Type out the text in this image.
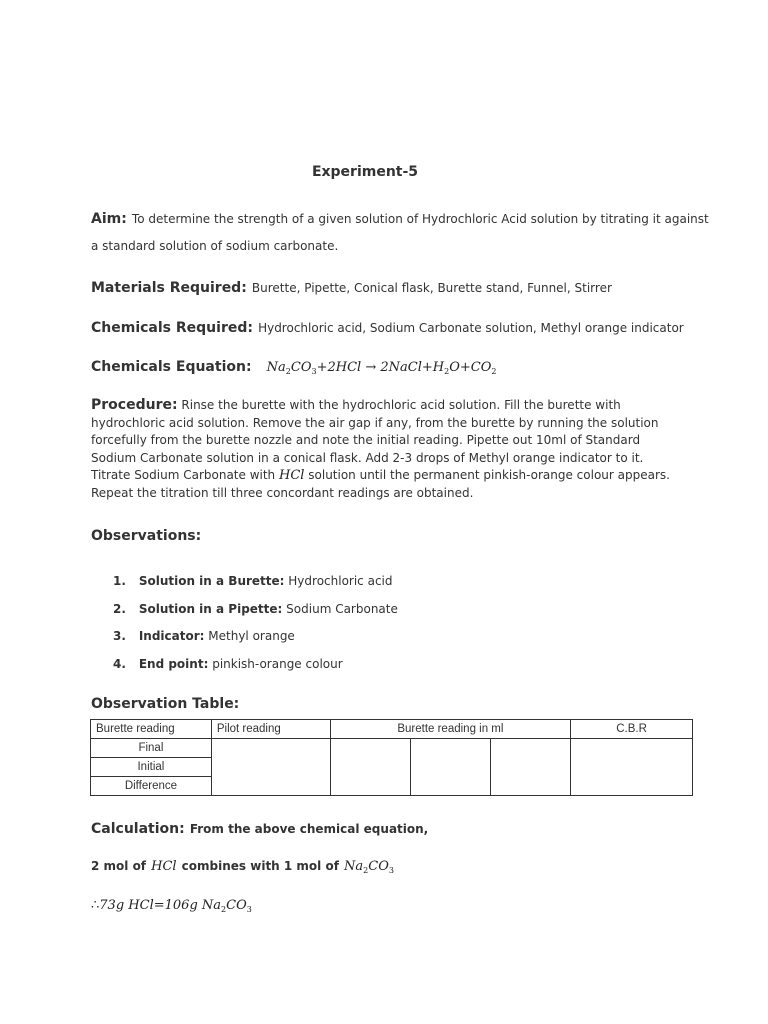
Experiment-5
Aim: To determine the strength of a given solution of Hydrochloric Acid solution by titrating it against
a standard solution of sodium carbonate.
Materials Required: Burette, Pipette, Conical flask, Burette stand, Funnel, Stirrer
Chemicals Required: Hydrochloric acid, Sodium Carbonate solution, Methyl orange indicator
Chemicals Equation: $Na_2CO_3+2HCl$ → $2NaCl+H_2O+CO_2$
Procedure: Rinse the burette with the hydrochloric acid solution. Fill the burette with hydrochloric acid solution. Remove the air gap if any, from the burette by running the solution forcefully from the burette nozzle and note the initial reading. Pipette out 10ml of Standard Sodium Carbonate solution in a conical flask. Add 2-3 drops of Methyl orange indicator to it. Titrate Sodium Carbonate with HCl solution until the permanent pinkish-orange colour appears. Repeat the titration till three concordant readings are obtained.
Observations:
1. Solution in a Burette: Hydrochloric acid
2. Solution in a Pipette: Sodium Carbonate
3. Indicator: Methyl orange
4. End point: pinkish-orange colour
Observation Table:
Burette reading	Pilot reading	Burette reading in ml			C.B.R
Final					
Initial					
Difference					
Calculation: From the above chemical equation,
2 mol of HCl combines with 1 mol of $Na_2CO_3$
∴73g HCl=106g $Na_2CO_3$
